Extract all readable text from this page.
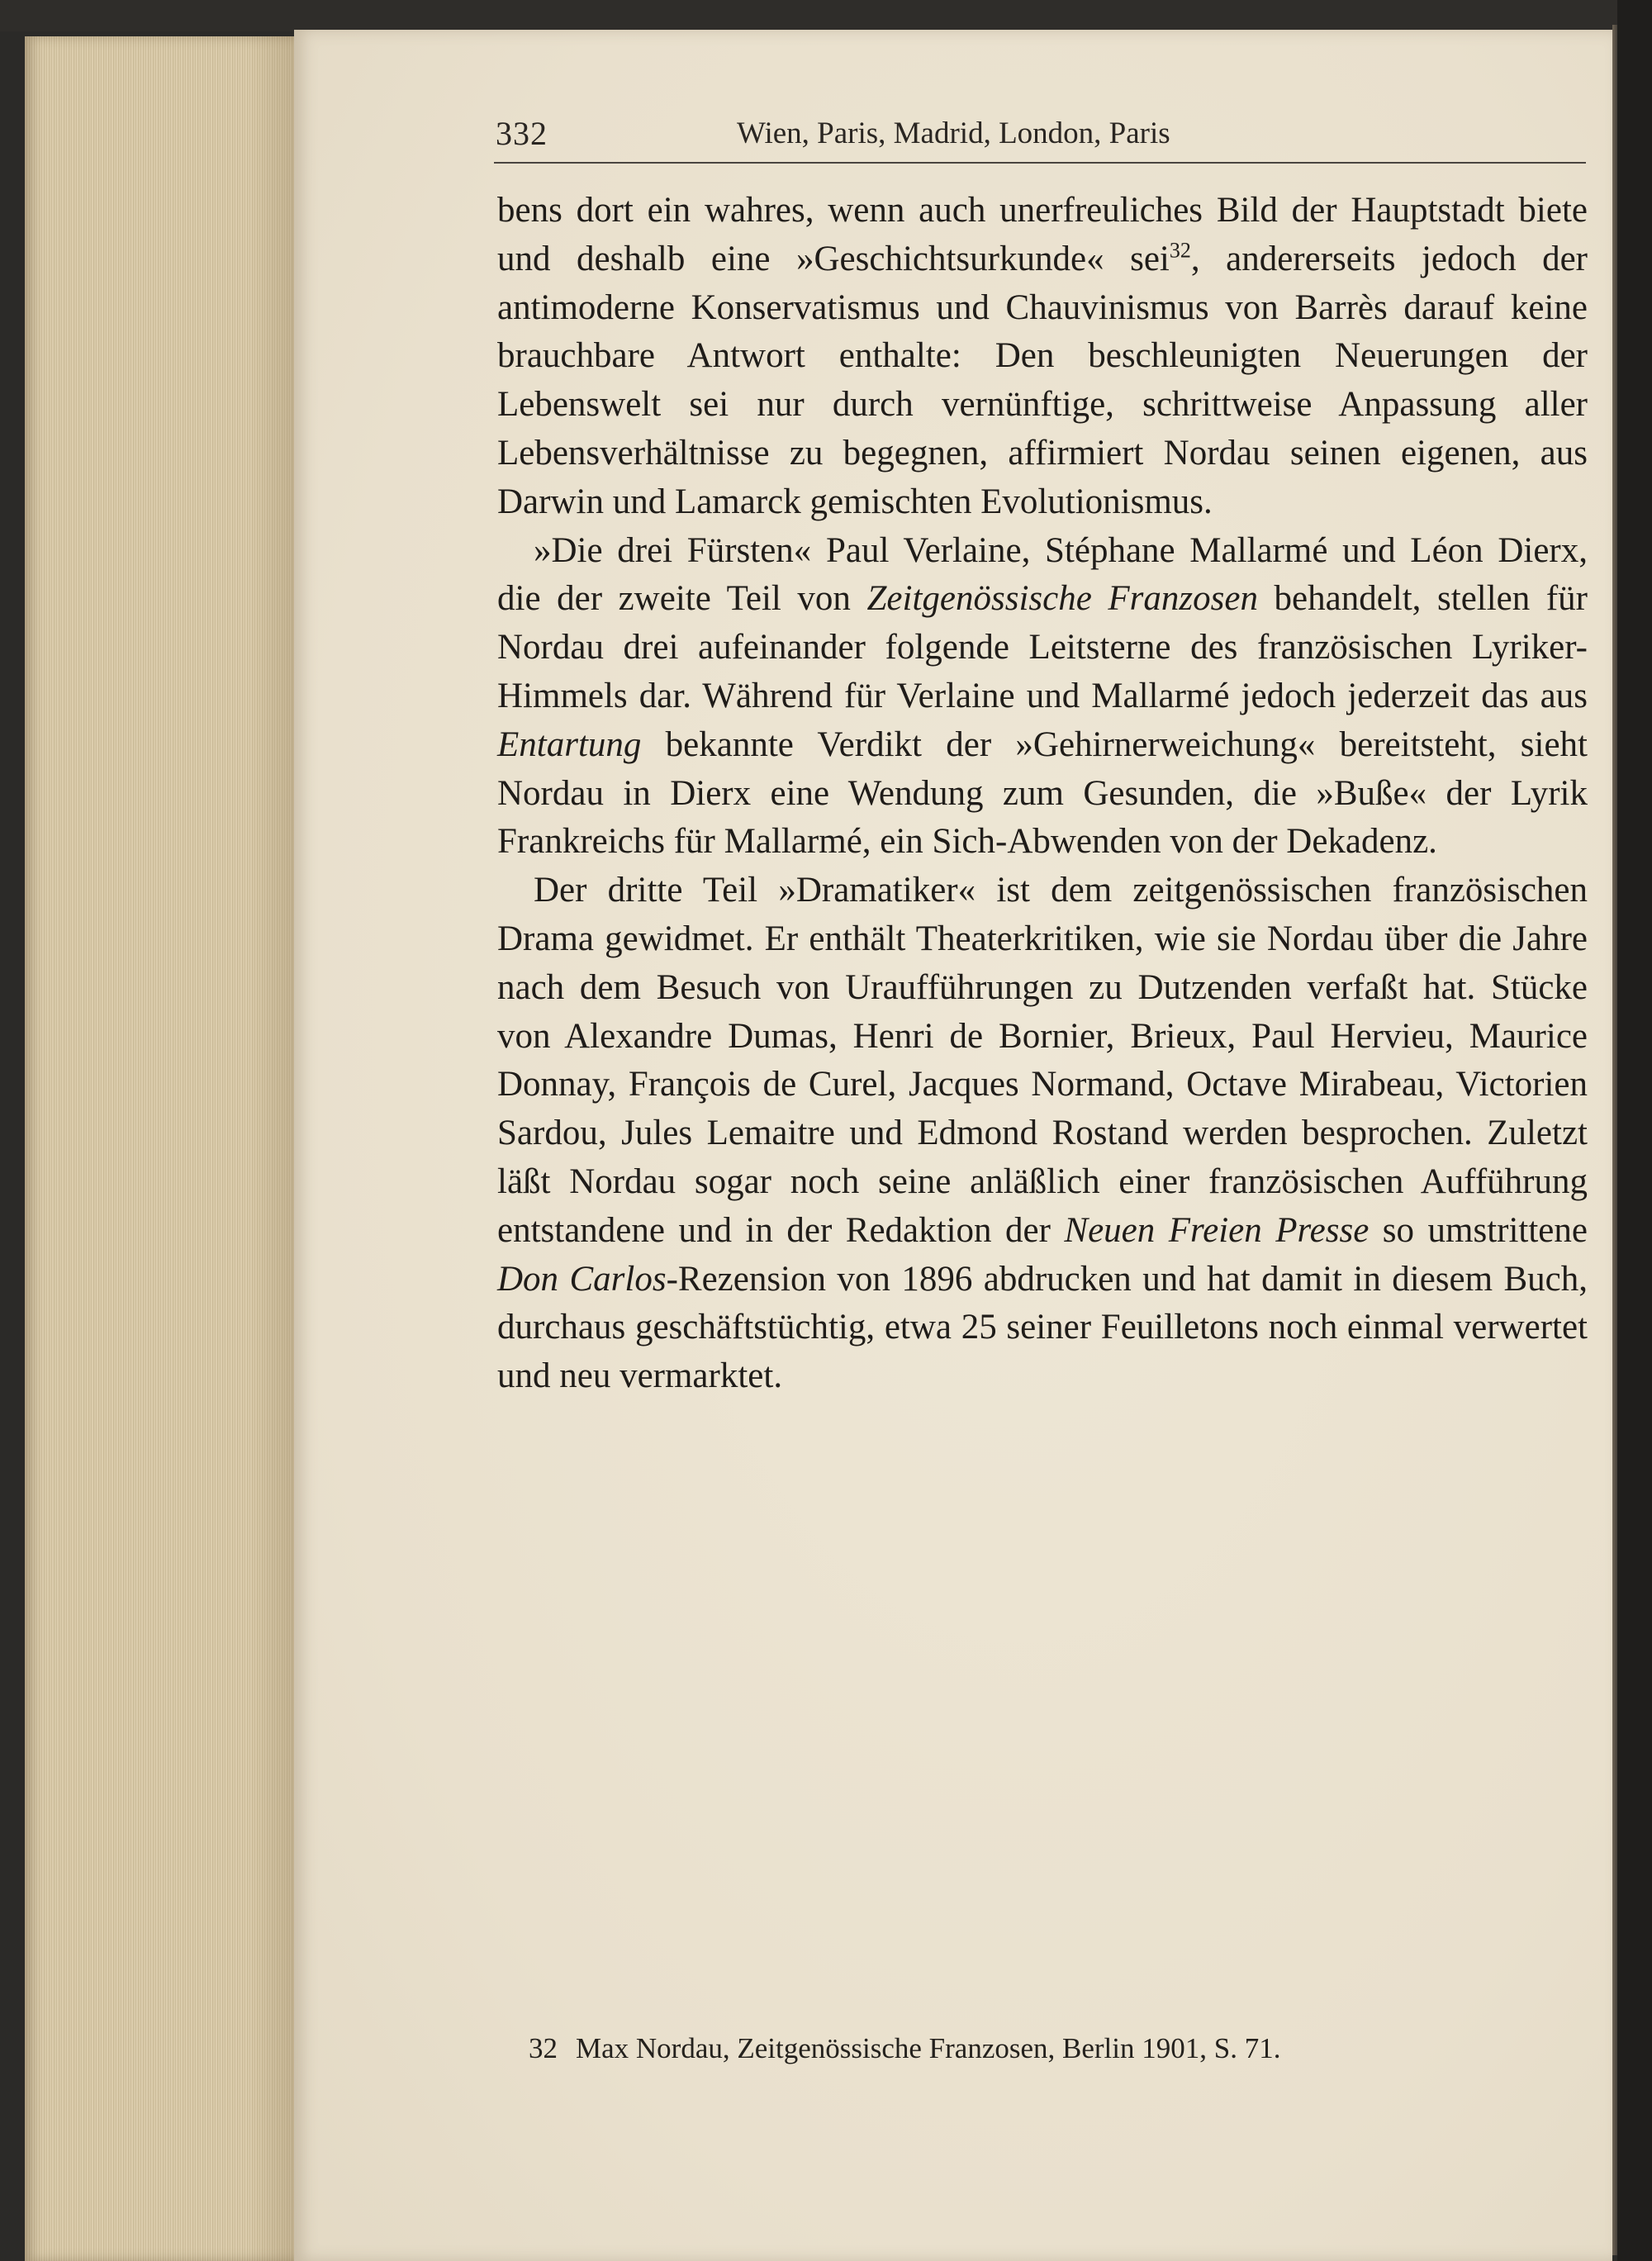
332	Wien, Paris, Madrid, London, Paris

bens dort ein wahres, wenn auch unerfreuliches Bild der Hauptstadt biete und deshalb eine »Geschichtsurkunde« sei$^{32}$, andererseits jedoch der antimoderne Konservatismus und Chauvinismus von Barrès darauf keine brauchbare Antwort enthalte: Den beschleunigten Neuerungen der Lebenswelt sei nur durch vernünftige, schrittweise Anpassung aller Lebensverhältnisse zu begegnen, affirmiert Nordau seinen eigenen, aus Darwin und Lamarck gemischten Evolutionismus.

»Die drei Fürsten« Paul Verlaine, Stéphane Mallarmé und Léon Dierx, die der zweite Teil von Zeitgenössische Franzosen behandelt, stellen für Nordau drei aufeinander folgende Leitsterne des französischen Lyriker-Himmels dar. Während für Verlaine und Mallarmé jedoch jederzeit das aus Entartung bekannte Verdikt der »Gehirnerweichung« bereitsteht, sieht Nordau in Dierx eine Wendung zum Gesunden, die »Buße« der Lyrik Frankreichs für Mallarmé, ein Sich-Abwenden von der Dekadenz.

Der dritte Teil »Dramatiker« ist dem zeitgenössischen französischen Drama gewidmet. Er enthält Theaterkritiken, wie sie Nordau über die Jahre nach dem Besuch von Uraufführungen zu Dutzenden verfaßt hat. Stücke von Alexandre Dumas, Henri de Bornier, Brieux, Paul Hervieu, Maurice Donnay, François de Curel, Jacques Normand, Octave Mirabeau, Victorien Sardou, Jules Lemaitre und Edmond Rostand werden besprochen. Zuletzt läßt Nordau sogar noch seine anläßlich einer französischen Aufführung entstandene und in der Redaktion der Neuen Freien Presse so umstrittene Don Carlos-Rezension von 1896 abdrucken und hat damit in diesem Buch, durchaus geschäftstüchtig, etwa 25 seiner Feuilletons noch einmal verwertet und neu vermarktet.

32 Max Nordau, Zeitgenössische Franzosen, Berlin 1901, S. 71.
